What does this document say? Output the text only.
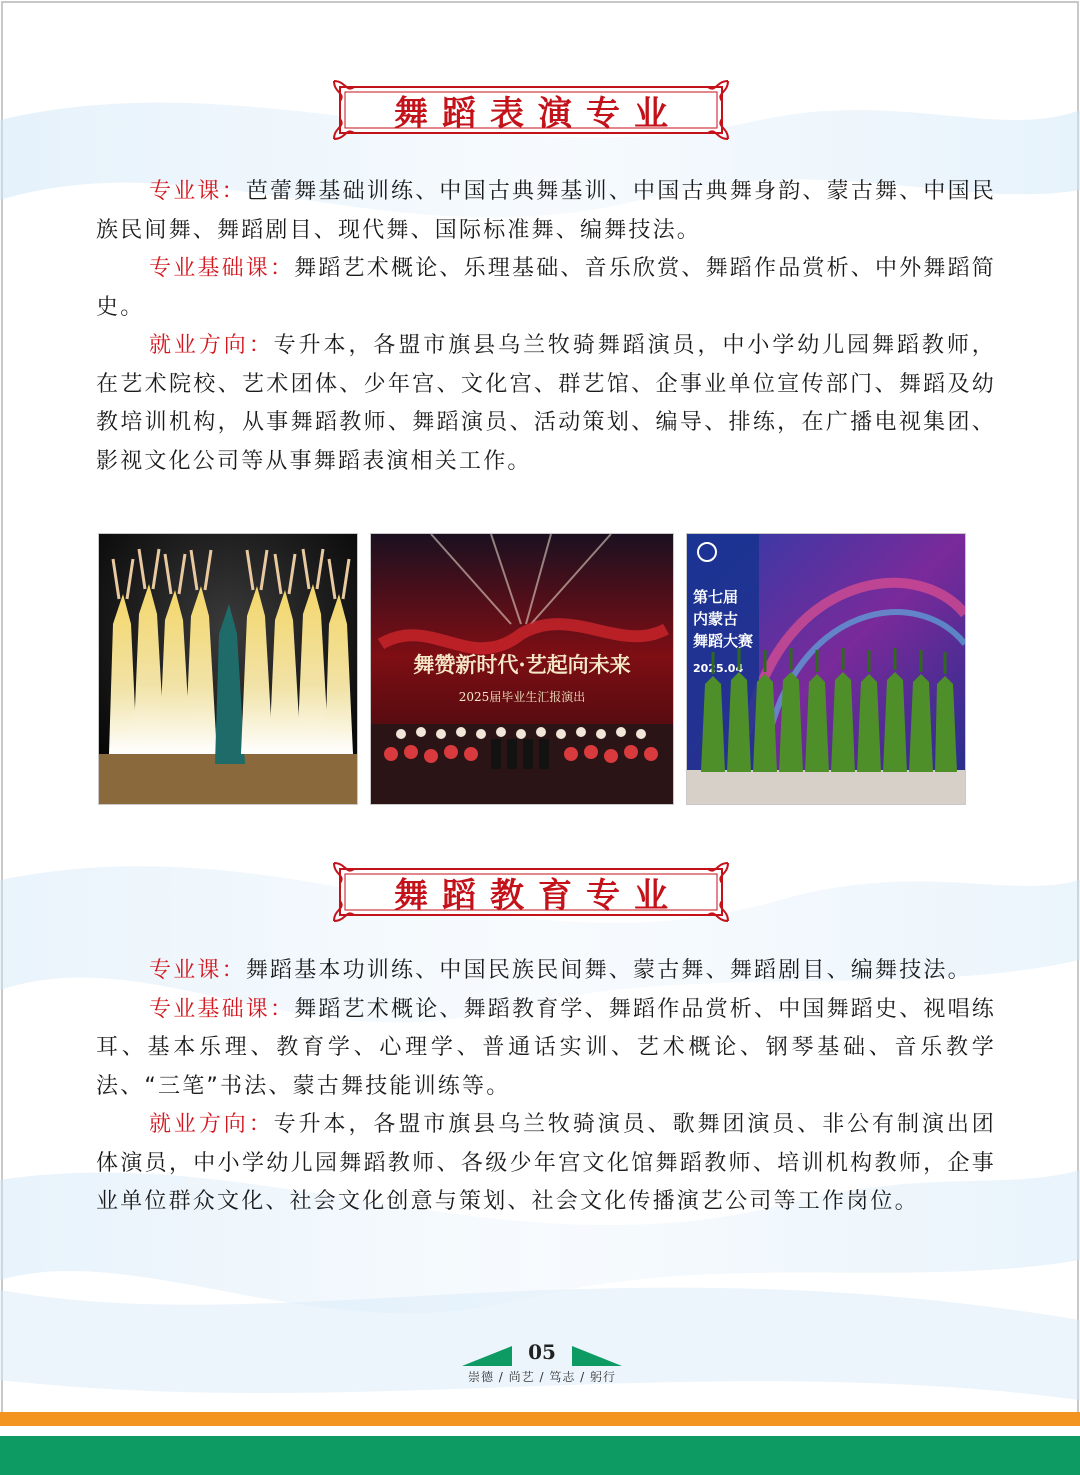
舞蹈表演专业

专业课：芭蕾舞基础训练、中国古典舞基训、中国古典舞身韵、蒙古舞、中国民族民间舞、舞蹈剧目、现代舞、国际标准舞、编舞技法。

专业基础课：舞蹈艺术概论、乐理基础、音乐欣赏、舞蹈作品赏析、中外舞蹈简史。

就业方向：专升本，各盟市旗县乌兰牧骑舞蹈演员，中小学幼儿园舞蹈教师，在艺术院校、艺术团体、少年宫、文化宫、群艺馆、企事业单位宣传部门、舞蹈及幼教培训机构，从事舞蹈教师、舞蹈演员、活动策划、编导、排练，在广播电视集团、影视文化公司等从事舞蹈表演相关工作。

舞赞新时代·艺起向未来
2025届毕业生汇报演出
第七届
内蒙古
舞蹈大赛
2025.04
舞蹈教育专业

专业课：舞蹈基本功训练、中国民族民间舞、蒙古舞、舞蹈剧目、编舞技法。

专业基础课：舞蹈艺术概论、舞蹈教育学、舞蹈作品赏析、中国舞蹈史、视唱练耳、基本乐理、教育学、心理学、普通话实训、艺术概论、钢琴基础、音乐教学法、“三笔”书法、蒙古舞技能训练等。

就业方向：专升本，各盟市旗县乌兰牧骑演员、歌舞团演员、非公有制演出团体演员，中小学幼儿园舞蹈教师、各级少年宫文化馆舞蹈教师、培训机构教师，企事业单位群众文化、社会文化创意与策划、社会文化传播演艺公司等工作岗位。

05
崇德 / 尚艺 / 笃志 / 躬行
